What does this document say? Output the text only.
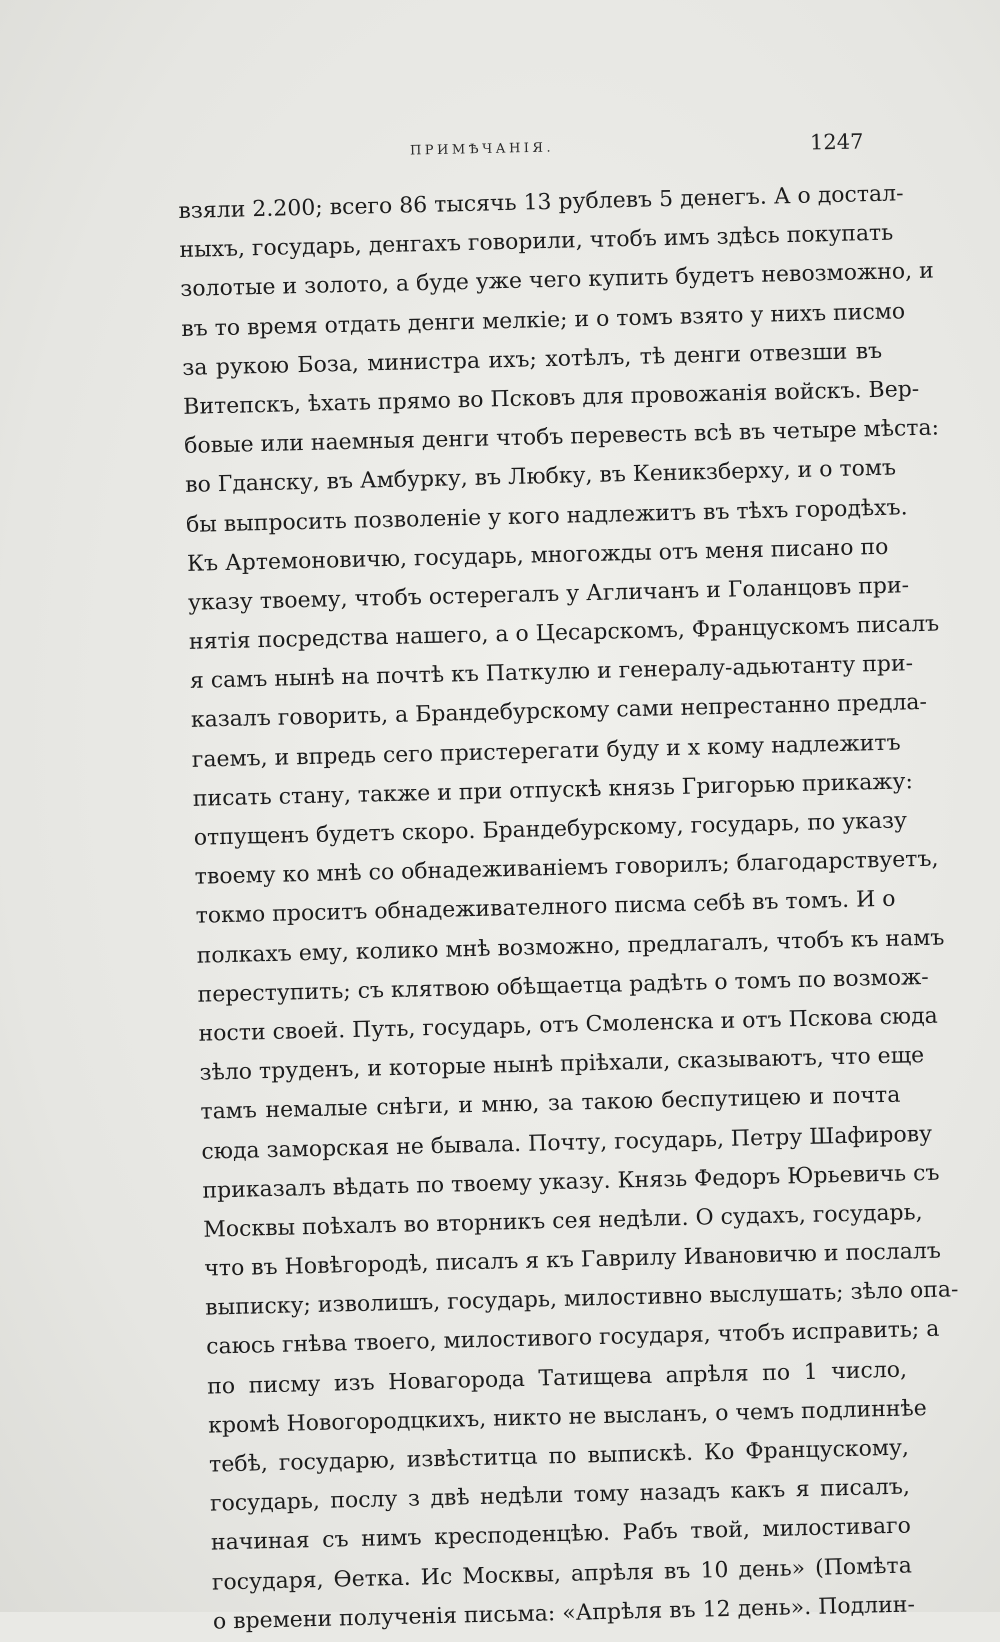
ПРИМѢЧАНІЯ.	1247
взяли 2.200; всего 86 тысячь 13 рублевъ 5 денегъ. А о достал-
ныхъ, государь, денгахъ говорили, чтобъ имъ здѣсь покупать
золотые и золото, а буде уже чего купить будетъ невозможно, и
въ то время отдать денги мелкіе; и о томъ взято у нихъ писмо
за рукою Боза, министра ихъ; хотѣлъ, тѣ денги отвезши въ
Витепскъ, ѣхать прямо во Псковъ для провожанія войскъ. Вер-
бовые или наемныя денги чтобъ перевесть всѣ въ четыре мѣста:
во Гданску, въ Амбурку, въ Любку, въ Кеникзберху, и о томъ
бы выпросить позволеніе у кого надлежитъ въ тѣхъ городѣхъ.
Къ Артемоновичю, государь, многожды отъ меня писано по
указу твоему, чтобъ остерегалъ у Агличанъ и Голанцовъ при-
нятія посредства нашего, а о Цесарскомъ, Францускомъ писалъ
я самъ нынѣ на почтѣ къ Паткулю и генералу-адьютанту при-
казалъ говорить, а Брандебурскому сами непрестанно предла-
гаемъ, и впредь сего пристерегати буду и х кому надлежитъ
писать стану, также и при отпускѣ князь Григорью прикажу:
отпущенъ будетъ скоро. Брандебурскому, государь, по указу
твоему ко мнѣ со обнадеживаніемъ говорилъ; благодарствуетъ,
токмо проситъ обнадеживателного писма себѣ въ томъ. И о
полкахъ ему, колико мнѣ возможно, предлагалъ, чтобъ къ намъ
переступить; съ клятвою обѣщаетца радѣть о томъ по возмож-
ности своей. Путь, государь, отъ Смоленска и отъ Пскова сюда
зѣло труденъ, и которые нынѣ пріѣхали, сказываютъ, что еще
тамъ немалые снѣги, и мню, за такою беспутицею и почта
сюда заморская не бывала. Почту, государь, Петру Шафирову
приказалъ вѣдать по твоему указу. Князь Федоръ Юрьевичь съ
Москвы поѣхалъ во вторникъ сея недѣли. О судахъ, государь,
что въ Новѣгородѣ, писалъ я къ Гаврилу Ивановичю и послалъ
выписку; изволишъ, государь, милостивно выслушать; зѣло опа-
саюсь гнѣва твоего, милостивого государя, чтобъ исправить; а
по писму изъ Новагорода Татищева апрѣля по 1 число,
кромѣ Новогородцкихъ, никто не высланъ, о чемъ подлиннѣе
тебѣ, государю, извѣститца по выпискѣ. Ко Францускому,
государь, послу з двѣ недѣли тому назадъ какъ я писалъ,
начиная съ нимъ кресподенцѣю. Рабъ твой, милостиваго
государя, Ѳетка. Ис Москвы, апрѣля въ 10 день» (Помѣта
о времени полученія письма: «Апрѣля въ 12 день». Подлин-
